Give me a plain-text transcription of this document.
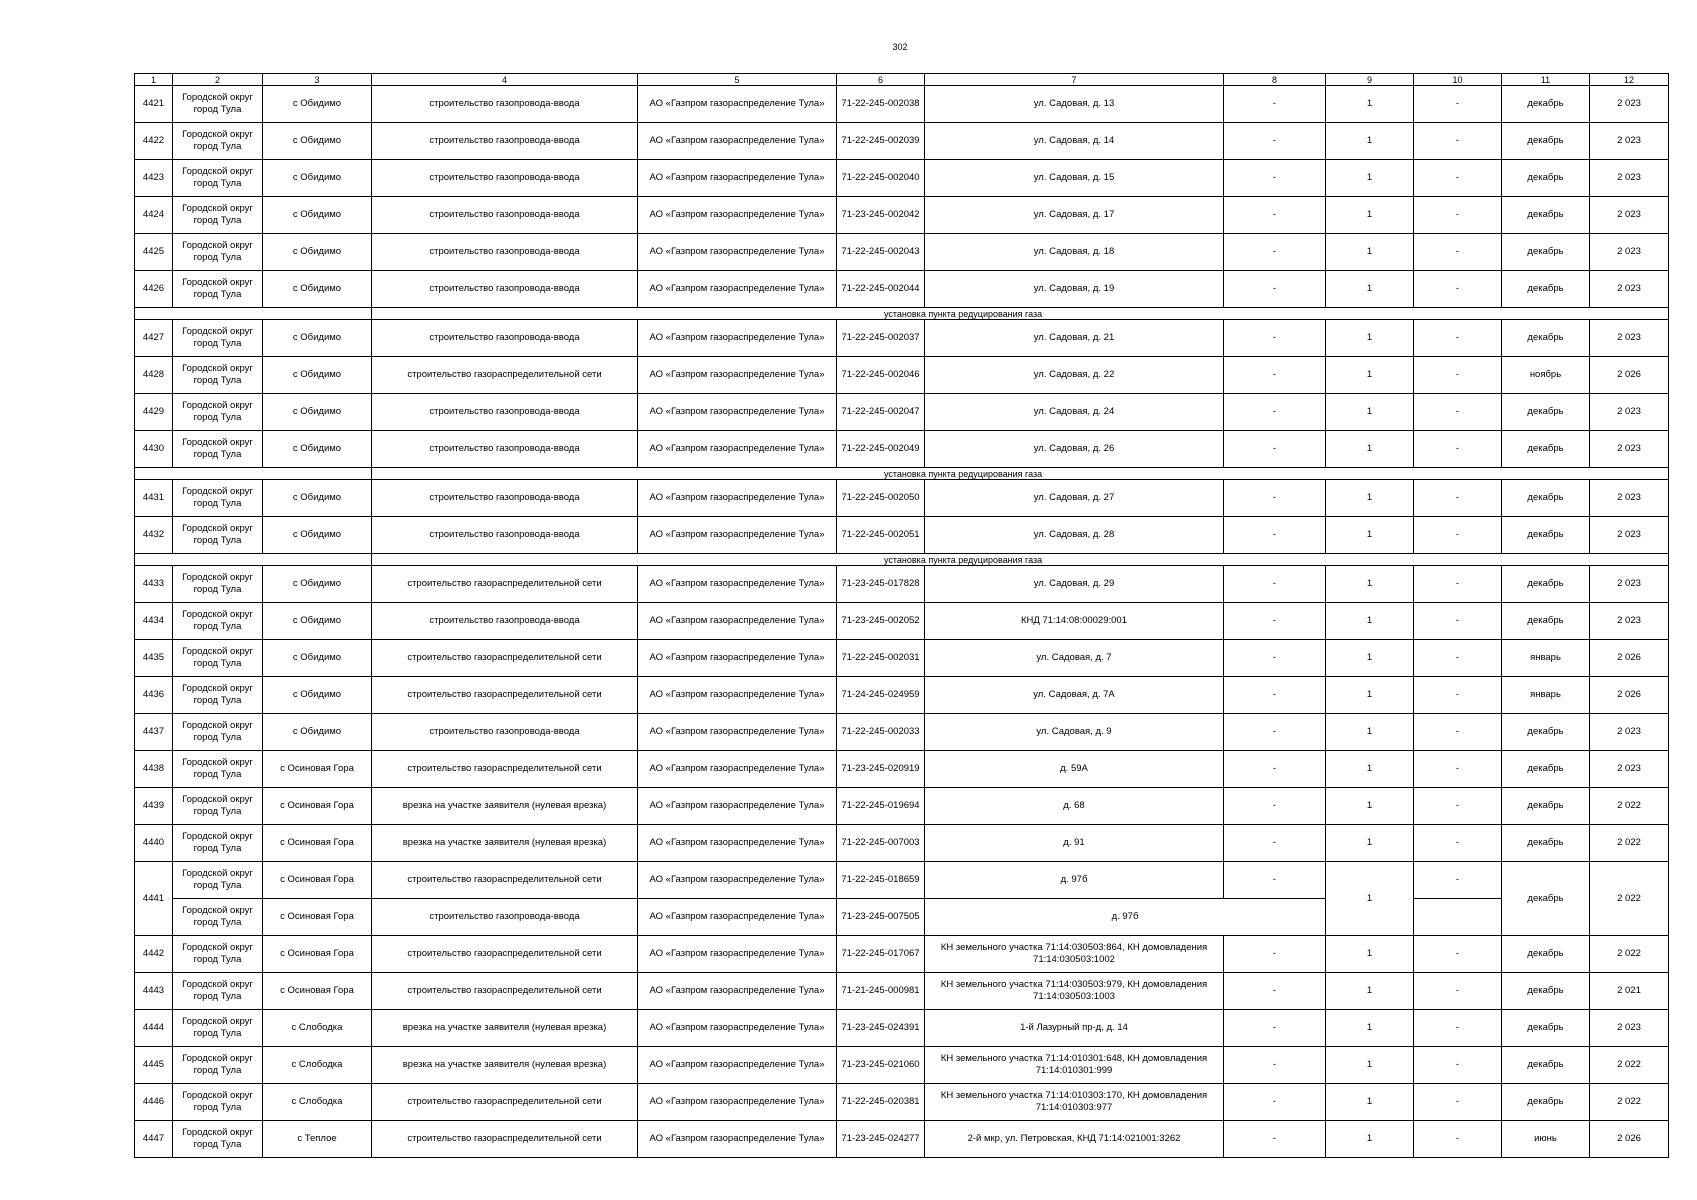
302
1	2	3	4	5	6	7	8	9	10	11	12
4421	Городской округ город Тула	с Обидимо	строительство газопровода-ввода	АО «Газпром газораспределение Тула»	71-22-245-002038	ул. Садовая, д. 13	-	1	-	декабрь	2 023
4422	Городской округ город Тула	с Обидимо	строительство газопровода-ввода	АО «Газпром газораспределение Тула»	71-22-245-002039	ул. Садовая, д. 14	-	1	-	декабрь	2 023
4423	Городской округ город Тула	с Обидимо	строительство газопровода-ввода	АО «Газпром газораспределение Тула»	71-22-245-002040	ул. Садовая, д. 15	-	1	-	декабрь	2 023
4424	Городской округ город Тула	с Обидимо	строительство газопровода-ввода	АО «Газпром газораспределение Тула»	71-23-245-002042	ул. Садовая, д. 17	-	1	-	декабрь	2 023
4425	Городской округ город Тула	с Обидимо	строительство газопровода-ввода	АО «Газпром газораспределение Тула»	71-22-245-002043	ул. Садовая, д. 18	-	1	-	декабрь	2 023
4426	Городской округ город Тула	с Обидимо	строительство газопровода-ввода	АО «Газпром газораспределение Тула»	71-22-245-002044	ул. Садовая, д. 19	-	1	-	декабрь	2 023
			установка пункта редуцирования газа								
4427	Городской округ город Тула	с Обидимо	строительство газопровода-ввода	АО «Газпром газораспределение Тула»	71-22-245-002037	ул. Садовая, д. 21	-	1	-	декабрь	2 023
4428	Городской округ город Тула	с Обидимо	строительство газораспределительной сети	АО «Газпром газораспределение Тула»	71-22-245-002046	ул. Садовая, д. 22	-	1	-	ноябрь	2 026
4429	Городской округ город Тула	с Обидимо	строительство газопровода-ввода	АО «Газпром газораспределение Тула»	71-22-245-002047	ул. Садовая, д. 24	-	1	-	декабрь	2 023
4430	Городской округ город Тула	с Обидимо	строительство газопровода-ввода	АО «Газпром газораспределение Тула»	71-22-245-002049	ул. Садовая, д. 26	-	1	-	декабрь	2 023
			установка пункта редуцирования газа								
4431	Городской округ город Тула	с Обидимо	строительство газопровода-ввода	АО «Газпром газораспределение Тула»	71-22-245-002050	ул. Садовая, д. 27	-	1	-	декабрь	2 023
4432	Городской округ город Тула	с Обидимо	строительство газопровода-ввода	АО «Газпром газораспределение Тула»	71-22-245-002051	ул. Садовая, д. 28	-	1	-	декабрь	2 023
			установка пункта редуцирования газа								
4433	Городской округ город Тула	с Обидимо	строительство газораспределительной сети	АО «Газпром газораспределение Тула»	71-23-245-017828	ул. Садовая, д. 29	-	1	-	декабрь	2 023
4434	Городской округ город Тула	с Обидимо	строительство газопровода-ввода	АО «Газпром газораспределение Тула»	71-23-245-002052	КНД 71:14:08:00029:001	-	1	-	декабрь	2 023
4435	Городской округ город Тула	с Обидимо	строительство газораспределительной сети	АО «Газпром газораспределение Тула»	71-22-245-002031	ул. Садовая, д. 7	-	1	-	январь	2 026
4436	Городской округ город Тула	с Обидимо	строительство газораспределительной сети	АО «Газпром газораспределение Тула»	71-24-245-024959	ул. Садовая, д. 7А	-	1	-	январь	2 026
4437	Городской округ город Тула	с Обидимо	строительство газопровода-ввода	АО «Газпром газораспределение Тула»	71-22-245-002033	ул. Садовая, д. 9	-	1	-	декабрь	2 023
4438	Городской округ город Тула	с Осиновая Гора	строительство газораспределительной сети	АО «Газпром газораспределение Тула»	71-23-245-020919	д. 59А	-	1	-	декабрь	2 023
4439	Городской округ город Тула	с Осиновая Гора	врезка на участке заявителя (нулевая врезка)	АО «Газпром газораспределение Тула»	71-22-245-019694	д. 68	-	1	-	декабрь	2 022
4440	Городской округ город Тула	с Осиновая Гора	врезка на участке заявителя (нулевая врезка)	АО «Газпром газораспределение Тула»	71-22-245-007003	д. 91	-	1	-	декабрь	2 022
4441	Городской округ город Тула	с Осиновая Гора	строительство газораспределительной сети	АО «Газпром газораспределение Тула»	71-22-245-018659	д. 97б	-	1	-	декабрь	2 022
	Городской округ город Тула	с Осиновая Гора	строительство газопровода-ввода	АО «Газпром газораспределение Тула»	71-23-245-007505	д. 97б					
4442	Городской округ город Тула	с Осиновая Гора	строительство газораспределительной сети	АО «Газпром газораспределение Тула»	71-22-245-017067	КН земельного участка 71:14:030503:864, КН домовладения 71:14:030503:1002	-	1	-	декабрь	2 022
4443	Городской округ город Тула	с Осиновая Гора	строительство газораспределительной сети	АО «Газпром газораспределение Тула»	71-21-245-000981	КН земельного участка 71:14:030503:979, КН домовладения 71:14:030503:1003	-	1	-	декабрь	2 021
4444	Городской округ город Тула	с Слободка	врезка на участке заявителя (нулевая врезка)	АО «Газпром газораспределение Тула»	71-23-245-024391	1-й Лазурный пр-д, д. 14	-	1	-	декабрь	2 023
4445	Городской округ город Тула	с Слободка	врезка на участке заявителя (нулевая врезка)	АО «Газпром газораспределение Тула»	71-23-245-021060	КН земельного участка 71:14:010301:648, КН домовладения 71:14:010301:999	-	1	-	декабрь	2 022
4446	Городской округ город Тула	с Слободка	строительство газораспределительной сети	АО «Газпром газораспределение Тула»	71-22-245-020381	КН земельного участка 71:14:010303:170, КН домовладения 71:14:010303:977	-	1	-	декабрь	2 022
4447	Городской округ город Тула	с Теплое	строительство газораспределительной сети	АО «Газпром газораспределение Тула»	71-23-245-024277	2-й мкр, ул. Петровская, КНД 71:14:021001:3262	-	1	-	июнь	2 026
